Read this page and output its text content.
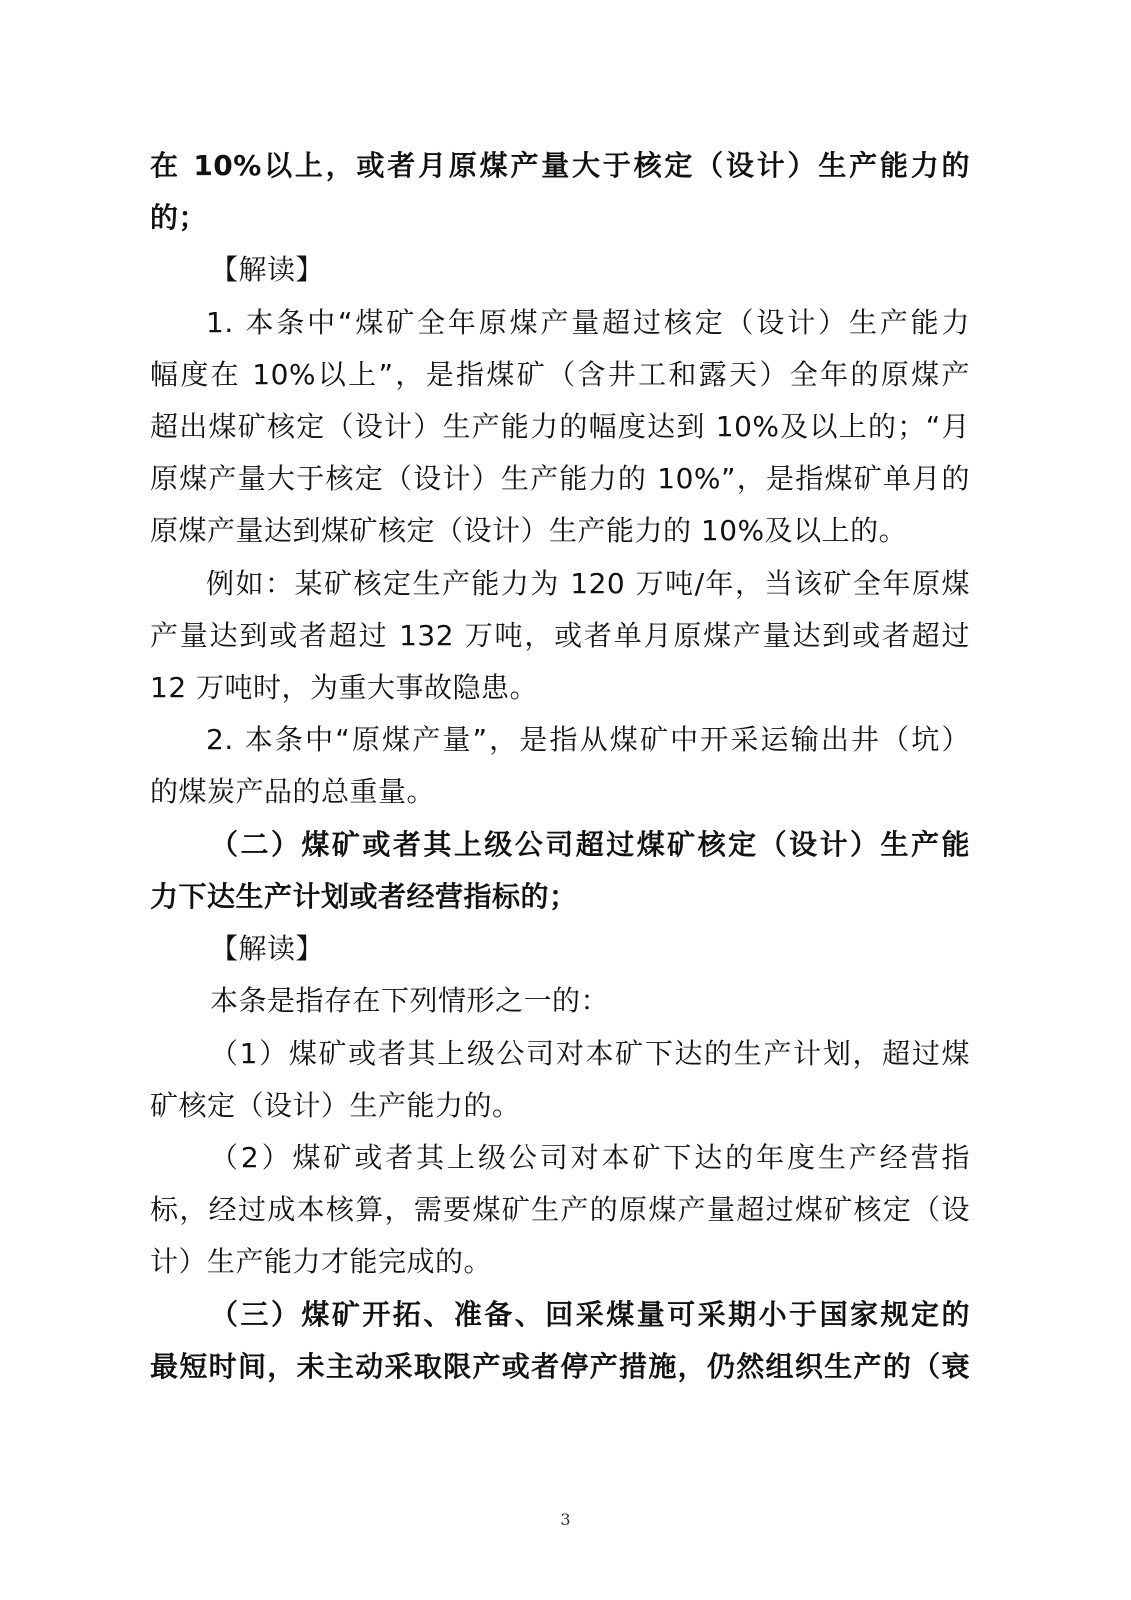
在 10%以上，或者月原煤产量大于核定（设计）生产能力的
的；
【解读】
1. 本条中“煤矿全年原煤产量超过核定（设计）生产能力
幅度在 10%以上”，是指煤矿（含井工和露天）全年的原煤产
超出煤矿核定（设计）生产能力的幅度达到 10%及以上的；“月
原煤产量大于核定（设计）生产能力的 10%”，是指煤矿单月的
原煤产量达到煤矿核定（设计）生产能力的 10%及以上的。
例如：某矿核定生产能力为 120 万吨/年，当该矿全年原煤
产量达到或者超过 132 万吨，或者单月原煤产量达到或者超过
12 万吨时，为重大事故隐患。
2. 本条中“原煤产量”，是指从煤矿中开采运输出井（坑）
的煤炭产品的总重量。
（二）煤矿或者其上级公司超过煤矿核定（设计）生产能
力下达生产计划或者经营指标的；
【解读】
本条是指存在下列情形之一的：
（1）煤矿或者其上级公司对本矿下达的生产计划，超过煤
矿核定（设计）生产能力的。
（2）煤矿或者其上级公司对本矿下达的年度生产经营指
标，经过成本核算，需要煤矿生产的原煤产量超过煤矿核定（设
计）生产能力才能完成的。
（三）煤矿开拓、准备、回采煤量可采期小于国家规定的
最短时间，未主动采取限产或者停产措施，仍然组织生产的（衰
3
